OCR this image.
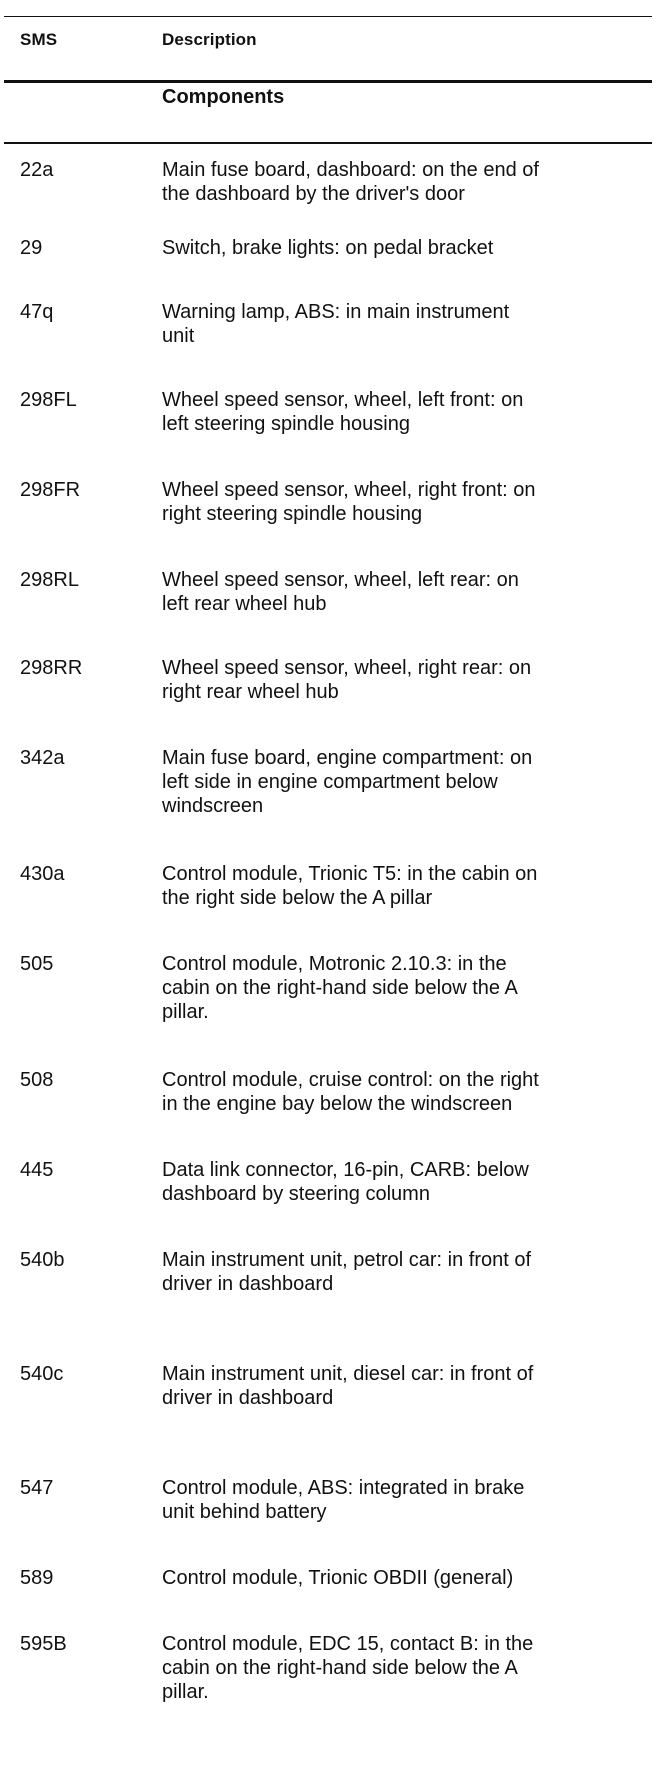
SMS	Description
Components
22a	Main fuse board, dashboard: on the end of
the dashboard by the driver's door
29	Switch, brake lights: on pedal bracket
47q	Warning lamp, ABS: in main instrument
unit
298FL	Wheel speed sensor, wheel, left front: on
left steering spindle housing
298FR	Wheel speed sensor, wheel, right front: on
right steering spindle housing
298RL	Wheel speed sensor, wheel, left rear: on
left rear wheel hub
298RR	Wheel speed sensor, wheel, right rear: on
right rear wheel hub
342a	Main fuse board, engine compartment: on
left side in engine compartment below
windscreen
430a	Control module, Trionic T5: in the cabin on
the right side below the A pillar
505	Control module, Motronic 2.10.3: in the
cabin on the right-hand side below the A
pillar.
508	Control module, cruise control: on the right
in the engine bay below the windscreen
445	Data link connector, 16-pin, CARB: below
dashboard by steering column
540b	Main instrument unit, petrol car: in front of
driver in dashboard
540c	Main instrument unit, diesel car: in front of
driver in dashboard
547	Control module, ABS: integrated in brake
unit behind battery
589	Control module, Trionic OBDII (general)
595B	Control module, EDC 15, contact B: in the
cabin on the right-hand side below the A
pillar.
